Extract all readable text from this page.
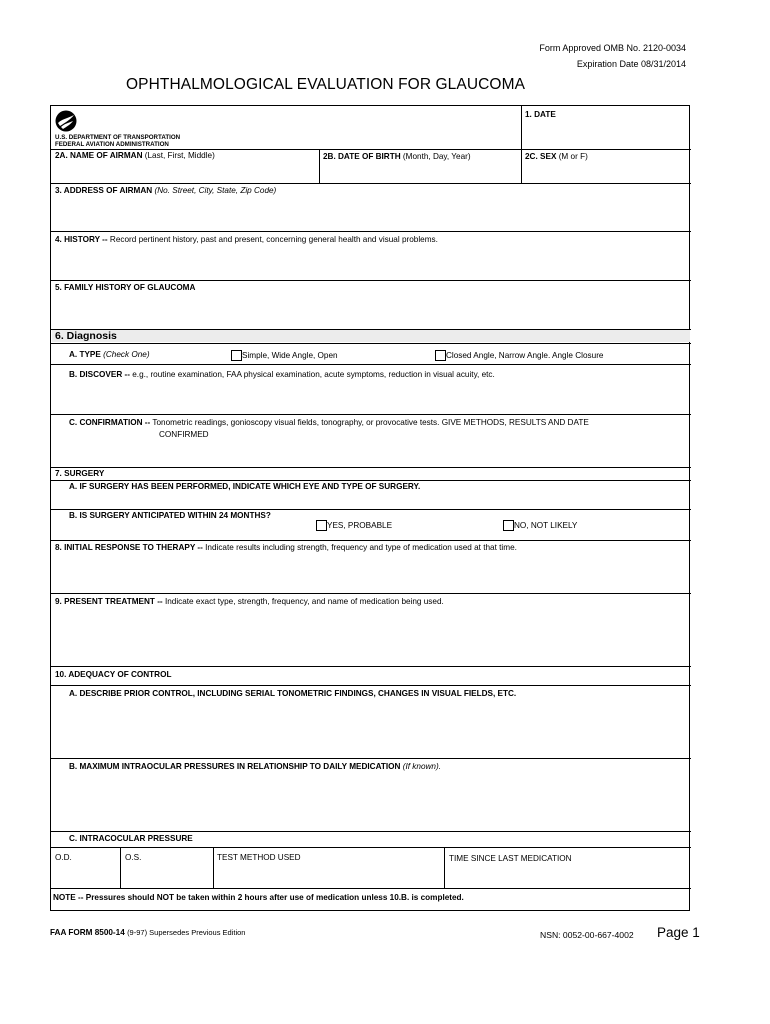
Form Approved OMB No. 2120-0034
Expiration Date 08/31/2014
OPHTHALMOLOGICAL EVALUATION FOR GLAUCOMA
U.S. DEPARTMENT OF TRANSPORTATION
FEDERAL AVIATION ADMINISTRATION
1. DATE
2A. NAME OF AIRMAN (Last, First, Middle)	2B. DATE OF BIRTH (Month, Day, Year)	2C. SEX (M or F)
3. ADDRESS OF AIRMAN (No. Street, City, State, Zip Code)
4. HISTORY -- Record pertinent history, past and present, concerning general health and visual problems.
5. FAMILY HISTORY OF GLAUCOMA
6. Diagnosis
A. TYPE (Check One)	Simple, Wide Angle, Open	Closed Angle, Narrow Angle. Angle Closure
B. DISCOVER -- e.g., routine examination, FAA physical examination, acute symptoms, reduction in visual acuity, etc.
C. CONFIRMATION -- Tonometric readings, gonioscopy visual fields, tonography, or provocative tests. GIVE METHODS, RESULTS AND DATE
CONFIRMED
7. SURGERY
A. IF SURGERY HAS BEEN PERFORMED, INDICATE WHICH EYE AND TYPE OF SURGERY.
B. IS SURGERY ANTICIPATED WITHIN 24 MONTHS?
YES, PROBABLE	NO, NOT LIKELY
8. INITIAL RESPONSE TO THERAPY -- Indicate results including strength, frequency and type of medication used at that time.
9. PRESENT TREATMENT -- Indicate exact type, strength, frequency, and name of medication being used.
10. ADEQUACY OF CONTROL
A. DESCRIBE PRIOR CONTROL, INCLUDING SERIAL TONOMETRIC FINDINGS, CHANGES IN VISUAL FIELDS, ETC.
B. MAXIMUM INTRAOCULAR PRESSURES IN RELATIONSHIP TO DAILY MEDICATION (If known).
C. INTRACOCULAR PRESSURE
O.D.	O.S.	TEST METHOD USED	TIME SINCE LAST MEDICATION
NOTE -- Pressures should NOT be taken within 2 hours after use of medication unless 10.B. is completed.
FAA FORM 8500-14 (9-97) Supersedes Previous Edition	NSN: 0052-00-667-4002 Page 1
